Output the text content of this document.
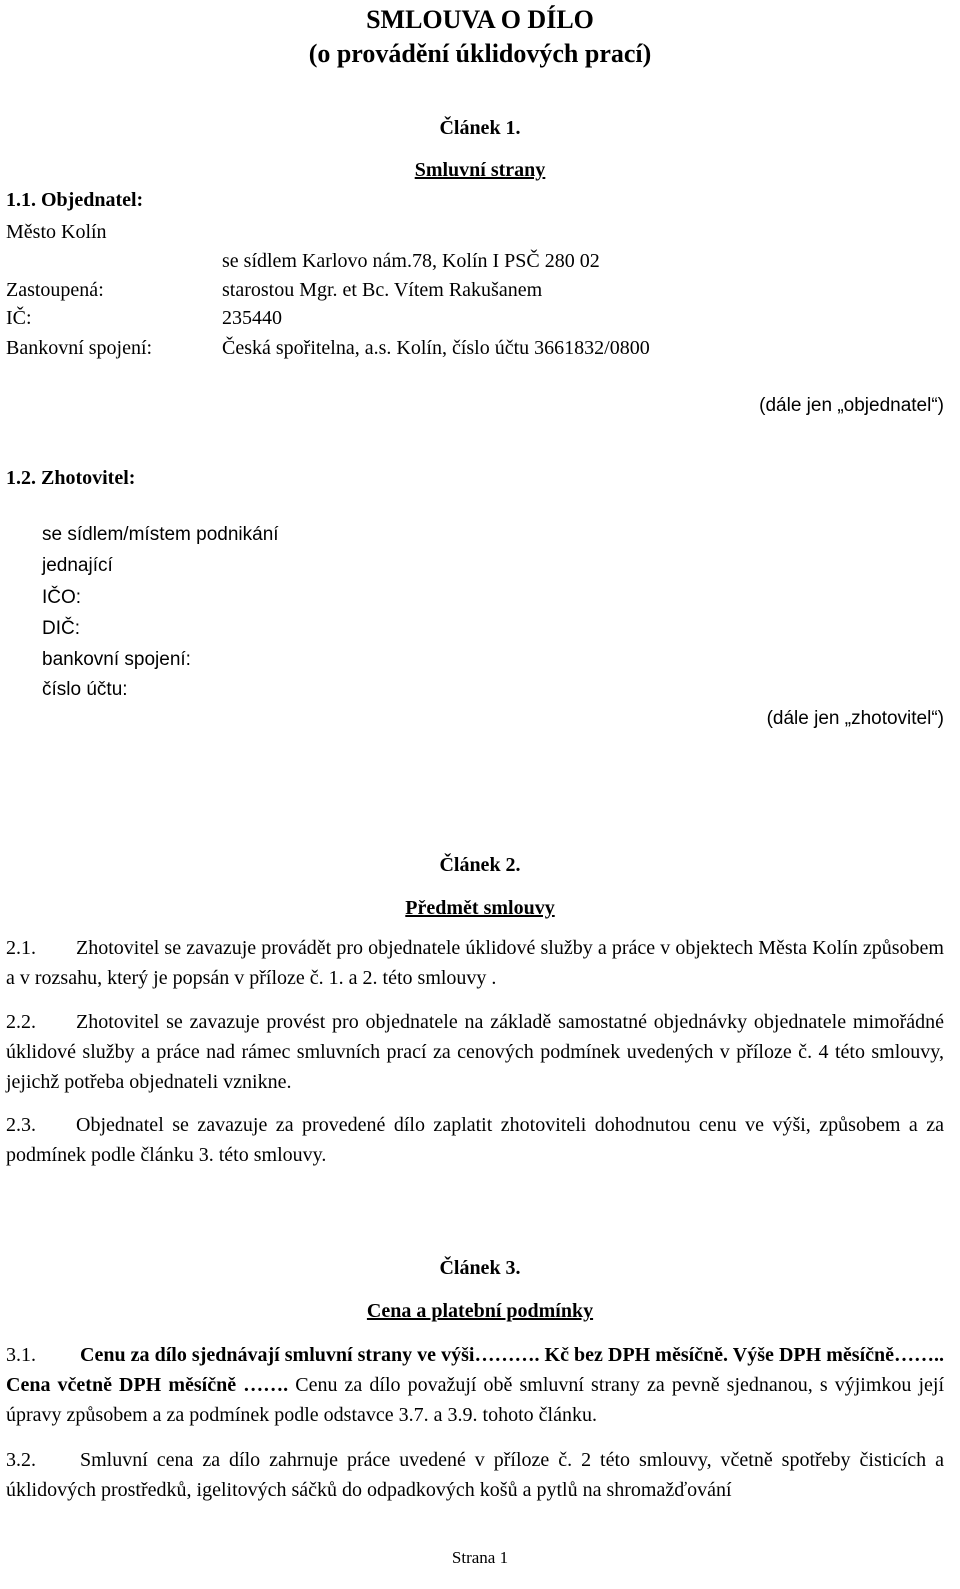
SMLOUVA O DÍLO
(o provádění úklidových prací)
Článek 1.
Smluvní strany
1.1. Objednatel:
Město Kolín
se sídlem Karlovo nám.78, Kolín I PSČ 280 02
Zastoupená:	starostou Mgr. et Bc. Vítem Rakušanem
IČ:	235440
Bankovní spojení:	Česká spořitelna, a.s. Kolín, číslo účtu 3661832/0800
(dále jen „objednatel“)
1.2. Zhotovitel:
se sídlem/místem podnikání
jednající
IČO:
DIČ:
bankovní spojení:
číslo účtu:
(dále jen „zhotovitel“)
Článek 2.
Předmět smlouvy
2.1. Zhotovitel se zavazuje provádět pro objednatele úklidové služby a práce v objektech Města Kolín způsobem a v rozsahu, který je popsán v příloze č. 1. a 2. této smlouvy .
2.2. Zhotovitel se zavazuje provést pro objednatele na základě samostatné objednávky objednatele mimořádné úklidové služby a práce nad rámec smluvních prací za cenových podmínek uvedených v příloze č. 4 této smlouvy, jejichž potřeba objednateli vznikne.
2.3. Objednatel se zavazuje za provedené dílo zaplatit zhotoviteli dohodnutou cenu ve výši, způsobem a za podmínek podle článku 3. této smlouvy.
Článek 3.
Cena a platební podmínky
3.1. Cenu za dílo sjednávají smluvní strany ve výši………. Kč bez DPH měsíčně. Výše DPH měsíčně…….. Cena včetně DPH měsíčně ……. Cenu za dílo považují obě smluvní strany za pevně sjednanou, s výjimkou její úpravy způsobem a za podmínek podle odstavce 3.7. a 3.9. tohoto článku.
3.2. Smluvní cena za dílo zahrnuje práce uvedené v příloze č. 2 této smlouvy, včetně spotřeby čisticích a úklidových prostředků, igelitových sáčků do odpadkových košů a pytlů na shromažďování
Strana 1
